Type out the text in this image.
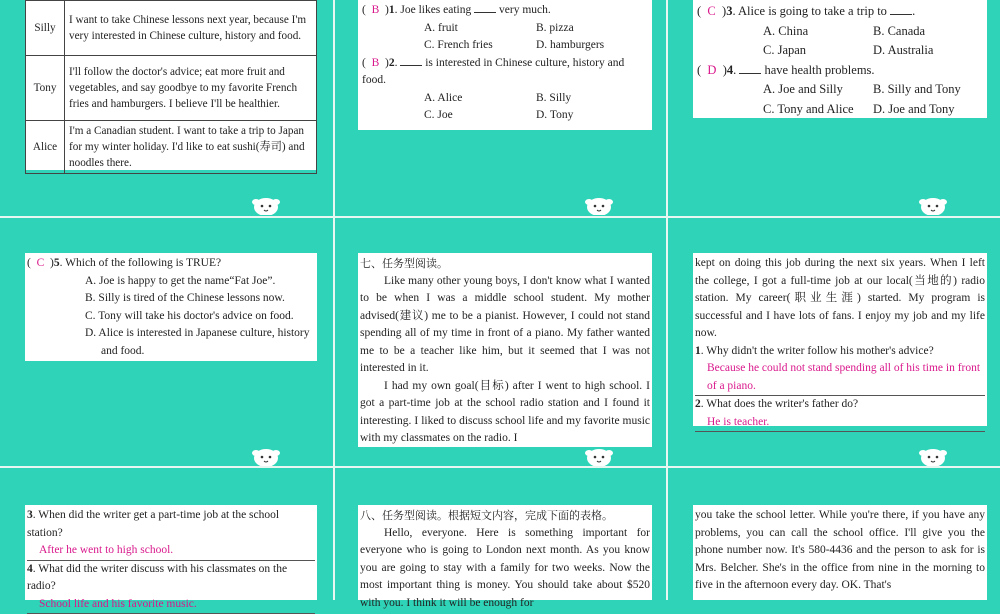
Silly	I want to take Chinese lessons next year, because I'm very interested in Chinese culture, history and food.
Tony	I'll follow the doctor's advice; eat more fruit and vegetables, and say goodbye to my favorite French fries and hamburgers. I believe I'll be healthier.
Alice	I'm a Canadian student. I want to take a trip to Japan for my winter holiday. I'd like to eat sushi(寿司) and noodles there.
( B )1. Joe likes eating very much.
A. fruit	B. pizza
C. French fries	D. hamburgers
( B )2.  is interested in Chinese culture, history and food.
A. Alice	B. Silly
C. Joe	D. Tony
( C )3. Alice is going to take a trip to .
A. China	B. Canada
C. Japan	D. Australia
( D )4.  have health problems.
A. Joe and Silly	B. Silly and Tony
C. Tony and Alice	D. Joe and Tony
( C )5. Which of the following is TRUE?
A. Joe is happy to get the name“Fat Joe”.
B. Silly is tired of the Chinese lessons now.
C. Tony will take his doctor's advice on food.
D. Alice is interested in Japanese culture, history and food.
七、任务型阅读。

Like many other young boys, I don't know what I wanted to be when I was a middle school student. My mother advised(建议) me to be a pianist. However, I could not stand spending all of my time in front of a piano. My father wanted me to be a teacher like him, but it seemed that I was not interested in it.

I had my own goal(目标) after I went to high school. I got a part-time job at the school radio station and I found it interesting. I liked to discuss school life and my favorite music with my classmates on the radio. I

kept on doing this job during the next six years. When I left the college, I got a full-time job at our local(当地的) radio station. My career(职业生涯) started. My program is successful and I have lots of fans. I enjoy my job and my life now.

1. Why didn't the writer follow his mother's advice?
Because he could not stand spending all of his time in front of a piano.
2. What does the writer's father do?
He is teacher.
3. When did the writer get a part-time job at the school station?
After he went to high school.
4. What did the writer discuss with his classmates on the radio?
School life and his favorite music.
八、任务型阅读。根据短文内容，完成下面的表格。

Hello, everyone. Here is something important for everyone who is going to London next month. As you know you are going to stay with a family for two weeks. Now the most important thing is money. You should take about $520 with you. I think it will be enough for

you take the school letter. While you're there, if you have any problems, you can call the school office. I'll give you the phone number now. It's 580-4436 and the person to ask for is Mrs. Belcher. She's in the office from nine in the morning to five in the afternoon every day. OK. That's
